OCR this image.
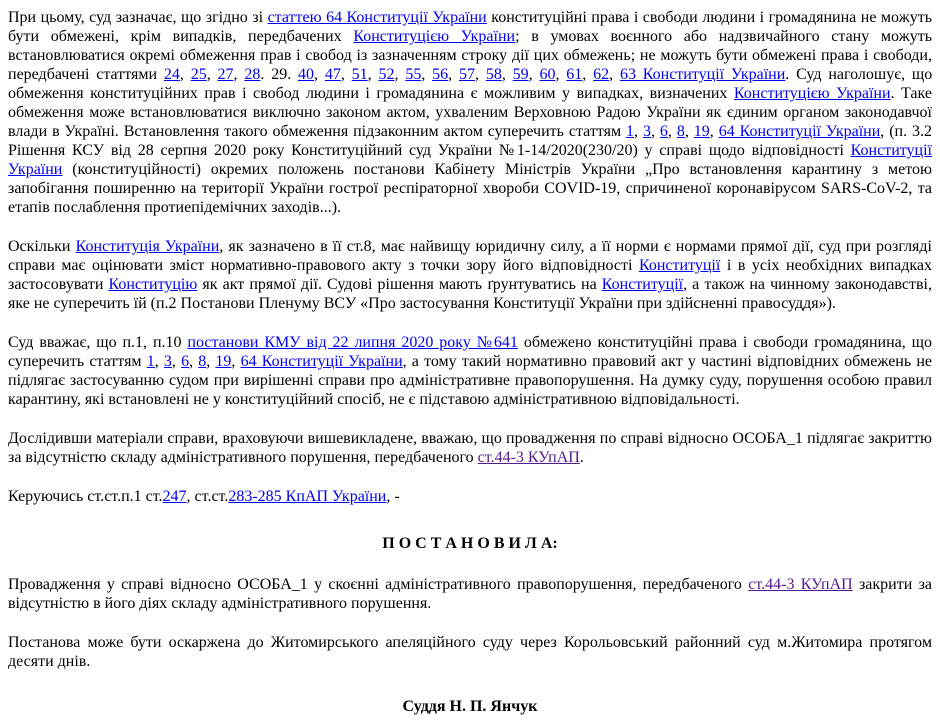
При цьому, суд зазначає, що згідно зі статтею 64 Конституції України конституційні права і свободи людини і громадянина не можуть бути обмежені, крім випадків, передбачених Конституцією України; в умовах воєнного або надзвичайного стану можуть встановлюватися окремі обмеження прав і свобод із зазначенням строку дії цих обмежень; не можуть бути обмежені права і свободи, передбачені статтями 24, 25, 27, 28. 29. 40, 47, 51, 52, 55, 56, 57, 58, 59, 60, 61, 62, 63 Конституції України. Суд наголошує, що обмеження конституційних прав і свобод людини і громадянина є можливим у випадках, визначених Конституцією України. Таке обмеження може встановлюватися виключно законом актом, ухваленим Верховною Радою України як єдиним органом законодавчої влади в Україні. Встановлення такого обмеження підзаконним актом суперечить статтям 1, 3, 6, 8, 19, 64 Конституції України, (п. 3.2 Рішення КСУ від 28 серпня 2020 року Конституційний суд України №1-14/2020(230/20) у справі щодо відповідності Конституції України (конституційності) окремих положень постанови Кабінету Міністрів України „Про встановлення карантину з метою запобігання поширенню на території України гострої респіраторної хвороби COVID-19, спричиненої коронавірусом SARS-CoV-2, та етапів послаблення протиепідемічних заходів...).

Оскільки Конституція України, як зазначено в її ст.8, має найвищу юридичну силу, а її норми є нормами прямої дії, суд при розгляді справи має оцінювати зміст нормативно-правового акту з точки зору його відповідності Конституції і в усіх необхідних випадках застосовувати Конституцію як акт прямої дії. Судові рішення мають ґрунтуватись на Конституції, а також на чинному законодавстві, яке не суперечить їй (п.2 Постанови Пленуму ВСУ «Про застосування Конституції України при здійсненні правосуддя»).

Суд вважає, що п.1, п.10 постанови КМУ від 22 липня 2020 року №641 обмежено конституційні права і свободи громадянина, що суперечить статтям 1, 3, 6, 8, 19, 64 Конституції України, а тому такий нормативно правовий акт у частині відповідних обмежень не підлягає застосуванню судом при вирішенні справи про адміністративне правопорушення. На думку суду, порушення особою правил карантину, які встановлені не у конституційний спосіб, не є підставою адміністративною відповідальності.

Дослідивши матеріали справи, враховуючи вишевикладене, вважаю, що провадження по справі відносно ОСОБА_1 підлягає закриттю за відсутністю складу адміністративного порушення, передбаченого ст.44-3 КУпАП.

Керуючись ст.ст.п.1 ст.247, ст.ст.283-285 КпАП України, -

П О С Т А Н О В И Л А:

Провадження у справі відносно ОСОБА_1 у скоєнні адміністративного правопорушення, передбаченого ст.44-3 КУпАП закрити за відсутністю в його діях складу адміністративного порушення.

Постанова може бути оскаржена до Житомирського апеляційного суду через Корольовський районний суд м.Житомира протягом десяти днів.

Суддя Н. П. Янчук
